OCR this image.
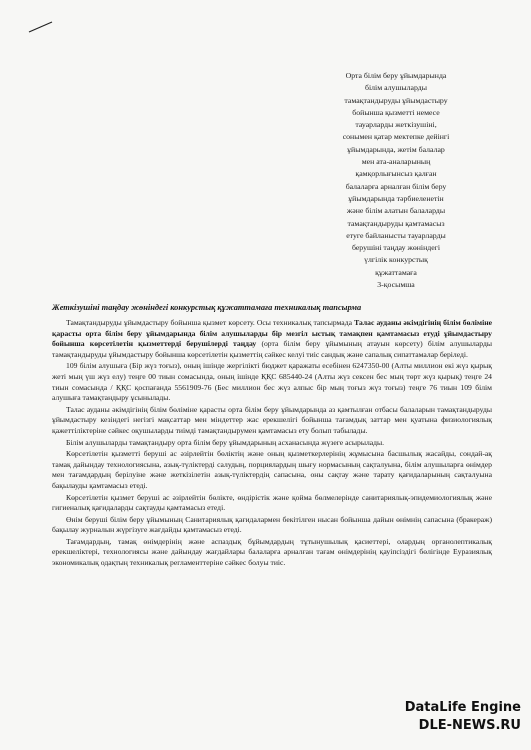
Орта білім беру ұйымдарында
білім алушыларды
тамақтандыруды ұйымдастыру
бойынша қызметті немесе
тауарларды жеткізушіні,
сонымен қатар мектепке дейінгі
ұйымдарында, жетім балалар
мен ата-аналарының
қамқорлығынсыз қалған
балаларға арналған білім беру
ұйымдарында тәрбиеленетін
және білім алатын балаларды
тамақтандыруды қамтамасыз
етуге байланысты тауарларды
берушіні таңдау жөніндегі
үлгілік конкурстық
құжаттамаға
3-қосымша
Жеткізушіні таңдау жөніндегі конкурстық құжаттамаға техникалық тапсырма

Тамақтандыруды ұйымдастыру бойынша қызмет көрсету. Осы техникалық тапсырмада Талас ауданы әкімдігінің білім бөліміне қарасты орта білім беру ұйымдарында білім алушыларды бір мезгіл ыстық тамақпен қамтамасыз етуді ұйымдастыру бойынша көрсетілетін қызметтерді берушілерді таңдау (орта білім беру ұйымының атауын көрсету) білім алушыларды тамақтандыруды ұйымдастыру бойынша көрсетілетін қызметтің сәйкес келуі тиіс сандық және сапалық сипаттамалар беріледі.

109 білім алушыға (Бір жүз тоғыз), оның ішінде жергілікті бюджет қаражаты есебінен 6247350-00 (Алты миллион екі жүз қырық жеті мың үш жүз елу) теңге 00 тиын сомасында, оның ішінде ҚҚС 685440-24 (Алты жүз сексен бес мың төрт жүз қырық) теңге 24 тиын сомасында / ҚҚС қоспағанда 5561909-76 (Бес миллион бес жүз алпыс бір мың тоғыз жүз тоғыз) теңге 76 тиын 109 білім алушыға тамақтандыру ұсынылады.

Талас ауданы әкімдігінің білім бөліміне қарасты орта білім беру ұйымдарында аз қамтылған отбасы балаларын тамақтандыруды ұйымдастыру кезіндегі негізгі мақсаттар мен міндеттер жас ерекшелігі бойынша тағамдық заттар мен қуатына физиологиялық қажеттіліктеріне сәйкес оқушыларды тиімді тамақтандырумен қамтамасыз ету болып табылады.

Білім алушыларды тамақтандыру орта білім беру ұйымдарының асханасында жүзеге асырылады.

Көрсетілетін қызметті беруші ас әзірлейтін бөліктің және оның қызметкерлерінің жұмысына басшылық жасайды, сондай-ақ тамақ дайындау технологиясына, азық-түліктерді салудың, порциялардың шығу нормасының сақталуына, білім алушыларға өнімдер мен тағамдардың берілуіне және жеткізілетін азық-түліктердің сапасына, оны сақтау және тарату қағидаларының сақталуына бақылауды қамтамасыз етеді.

Көрсетілетін қызмет беруші ас әзірлейтін бөлікте, өндірістік және қойма бөлмелерінде санитариялық-эпидемиологиялық және гигиеналық қағидаларды сақтауды қамтамасыз етеді.

Өнім беруші білім беру ұйымының Санитариялық қағидалармен бекітілген нысан бойынша дайын өнімнің сапасына (бракераж) бақылау журналын жүргізуге жағдайды қамтамасыз етеді.

Тағамдардың, тамақ өнімдерінің және аспаздық бұйымдардың тұтынушылық қасиеттері, олардың органолептикалық ерекшеліктері, технологиясы және дайындау жағдайлары балаларға арналған тағам өнімдерінің қауіпсіздігі бөлігінде Еуразиялық экономикалық одақтың техникалық регламенттеріне сәйкес болуы тиіс.

DataLife Engine
DLE-NEWS.RU
